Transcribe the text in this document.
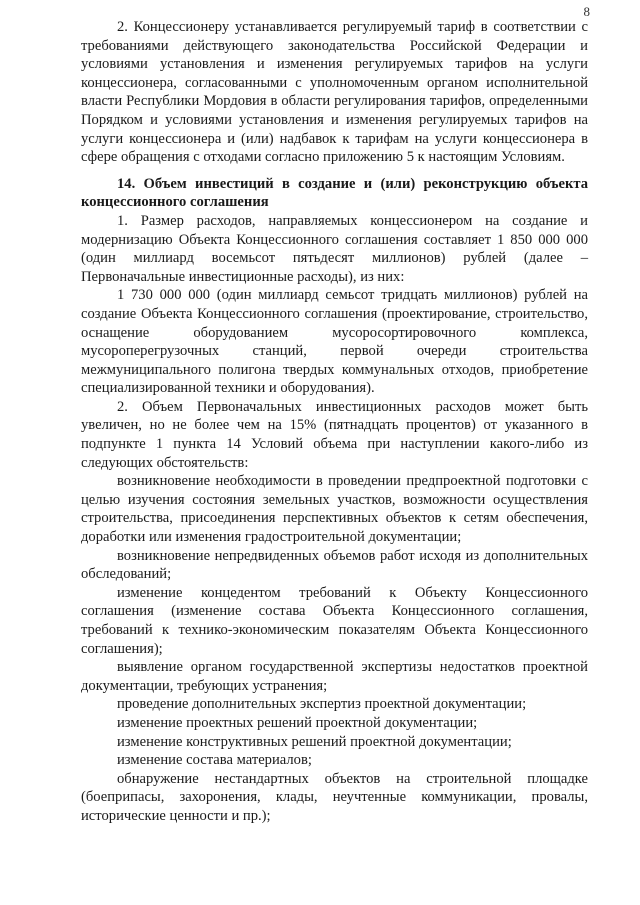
8

2. Концессионеру устанавливается регулируемый тариф в соответствии с требованиями действующего законодательства Российской Федерации и условиями установления и изменения регулируемых тарифов на услуги концессионера, согласованными с уполномоченным органом исполнительной власти Республики Мордовия в области регулирования тарифов, определенными Порядком и условиями установления и изменения регулируемых тарифов на услуги концессионера и (или) надбавок к тарифам на услуги концессионера в сфере обращения с отходами согласно приложению 5 к настоящим Условиям.

14. Объем инвестиций в создание и (или) реконструкцию объекта концессионного соглашения

1. Размер расходов, направляемых концессионером на создание и модернизацию Объекта Концессионного соглашения составляет 1 850 000 000 (один миллиард восемьсот пятьдесят миллионов) рублей (далее – Первоначальные инвестиционные расходы), из них:

1 730 000 000 (один миллиард семьсот тридцать миллионов) рублей на создание Объекта Концессионного соглашения (проектирование, строительство, оснащение оборудованием мусоросортировочного комплекса, мусороперегрузочных станций, первой очереди строительства межмуниципального полигона твердых коммунальных отходов, приобретение специализированной техники и оборудования).

2. Объем Первоначальных инвестиционных расходов может быть увеличен, но не более чем на 15% (пятнадцать процентов) от указанного в подпункте 1 пункта 14 Условий объема при наступлении какого-либо из следующих обстоятельств:

возникновение необходимости в проведении предпроектной подготовки с целью изучения состояния земельных участков, возможности осуществления строительства, присоединения перспективных объектов к сетям обеспечения, доработки или изменения градостроительной документации;

возникновение непредвиденных объемов работ исходя из дополнительных обследований;

изменение концедентом требований к Объекту Концессионного соглашения (изменение состава Объекта Концессионного соглашения, требований к технико-экономическим показателям Объекта Концессионного соглашения);

выявление органом государственной экспертизы недостатков проектной документации, требующих устранения;

проведение дополнительных экспертиз проектной документации;

изменение проектных решений проектной документации;

изменение конструктивных решений проектной документации;

изменение состава материалов;

обнаружение нестандартных объектов на строительной площадке (боеприпасы, захоронения, клады, неучтенные коммуникации, провалы, исторические ценности и пр.);
